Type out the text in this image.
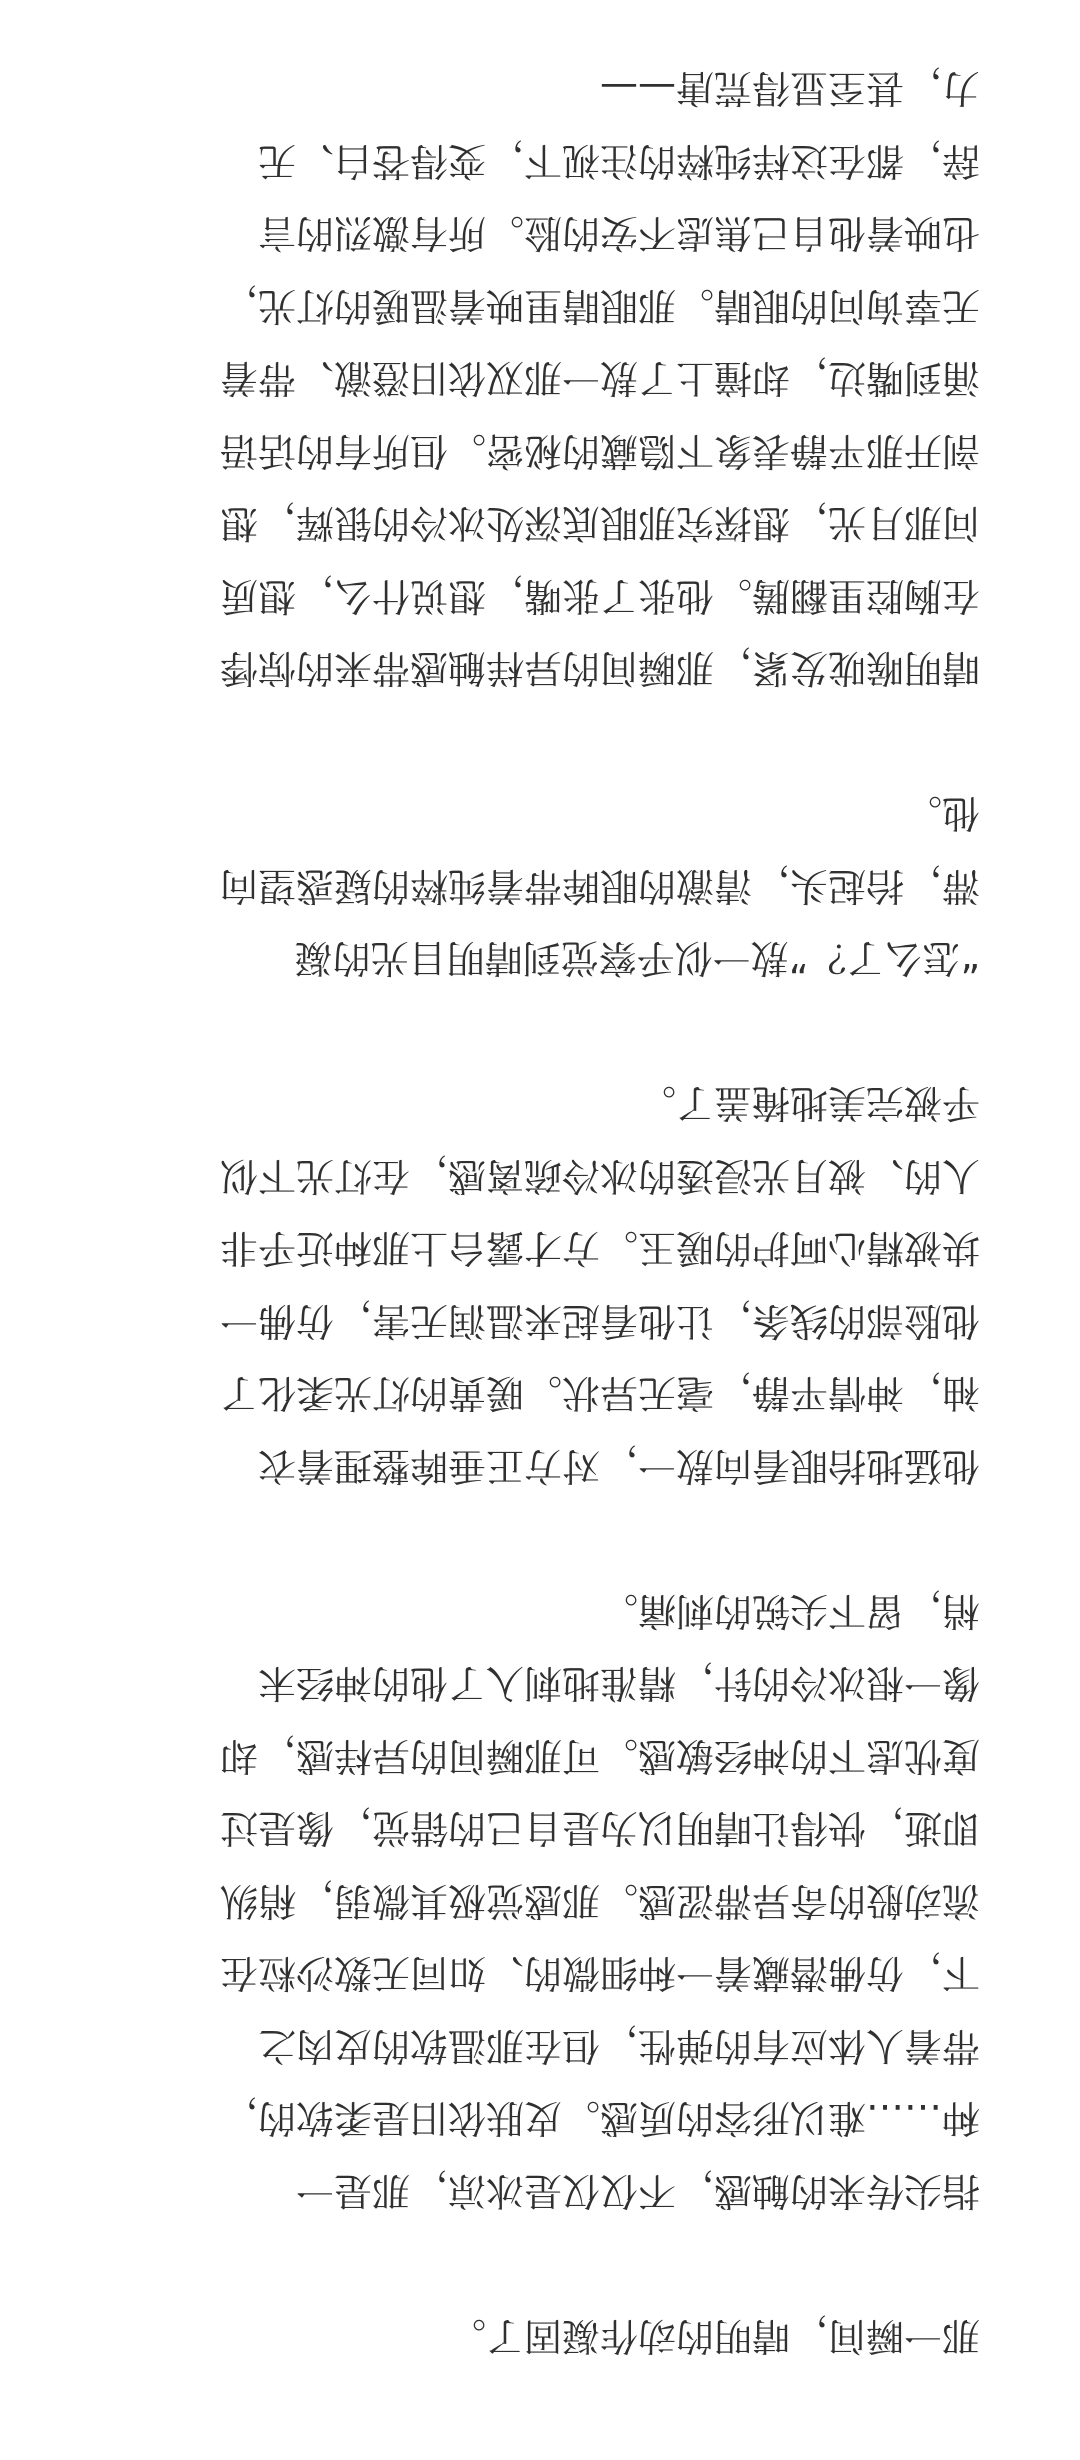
那一瞬间，晴明的动作凝固了。

指尖传来的触感，不仅仅是冰凉，那是一
种……难以形容的质感。皮肤依旧是柔软的，
带着人体应有的弹性，但在那温软的皮肉之
下，仿佛潜藏着一种细微的、如同无数沙粒在
流动般的奇异滞涩感。那感觉极其微弱，稍纵
即逝，快得让晴明以为是自己的错觉，像是过
度忧虑下的神经敏感。可那瞬间的异样感，却
像一根冰冷的针，精准地刺入了他的神经末
梢，留下尖锐的刺痛。

他猛地抬眼看向敖一，对方正垂眸整理着衣
袖，神情平静，毫无异状。暖黄的灯光柔化了
他脸部的线条，让他看起来温润无害，仿佛一
块被精心呵护的暖玉。方才露台上那种近乎非
人的、被月光浸透的冰冷疏离感，在灯光下似
乎被完美地掩盖了。

“怎么了？”敖一似乎察觉到晴明目光的凝
滞，抬起头，清澈的眼眸带着纯粹的疑惑望向
他。

晴明喉咙发紧，那瞬间的异样触感带来的惊悸
在胸腔里翻腾。他张了张嘴，想说什么，想质
问那月光，想探究那眼底深处冰冷的银辉，想
剖开那平静表象下隐藏的秘密。但所有的话语
涌到嘴边，却撞上了敖一那双依旧澄澈、带着
无辜询问的眼睛。那眼睛里映着温暖的灯光，
也映着他自己焦虑不安的脸。所有激烈的言
辞，都在这样纯粹的注视下，变得苍白、无
力，甚至显得荒唐——
